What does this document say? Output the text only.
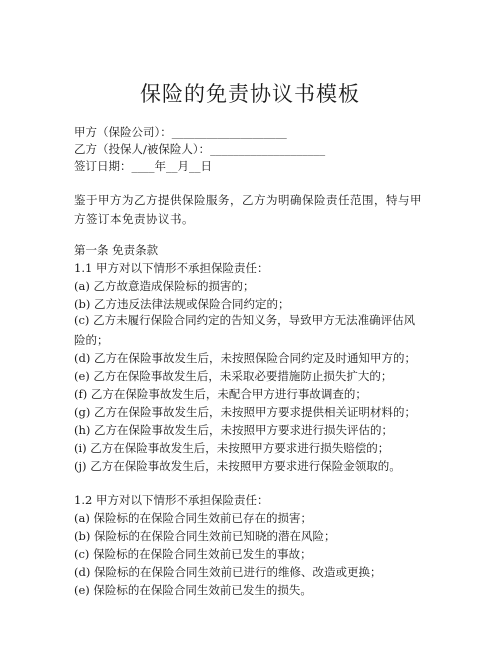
保险的免责协议书模板

甲方（保险公司）：____________________

乙方（投保人/被保险人）：____________________

签订日期：____年__月__日

鉴于甲方为乙方提供保险服务，乙方为明确保险责任范围，特与甲方签订本免责协议书。

第一条 免责条款

1.1 甲方对以下情形不承担保险责任：

(a) 乙方故意造成保险标的损害的；

(b) 乙方违反法律法规或保险合同约定的；

(c) 乙方未履行保险合同约定的告知义务，导致甲方无法准确评估风险的；

(d) 乙方在保险事故发生后，未按照保险合同约定及时通知甲方的；

(e) 乙方在保险事故发生后，未采取必要措施防止损失扩大的；

(f) 乙方在保险事故发生后，未配合甲方进行事故调查的；

(g) 乙方在保险事故发生后，未按照甲方要求提供相关证明材料的；

(h) 乙方在保险事故发生后，未按照甲方要求进行损失评估的；

(i) 乙方在保险事故发生后，未按照甲方要求进行损失赔偿的；

(j) 乙方在保险事故发生后，未按照甲方要求进行保险金领取的。

1.2 甲方对以下情形不承担保险责任：

(a) 保险标的在保险合同生效前已存在的损害；

(b) 保险标的在保险合同生效前已知晓的潜在风险；

(c) 保险标的在保险合同生效前已发生的事故；

(d) 保险标的在保险合同生效前已进行的维修、改造或更换；

(e) 保险标的在保险合同生效前已发生的损失。
